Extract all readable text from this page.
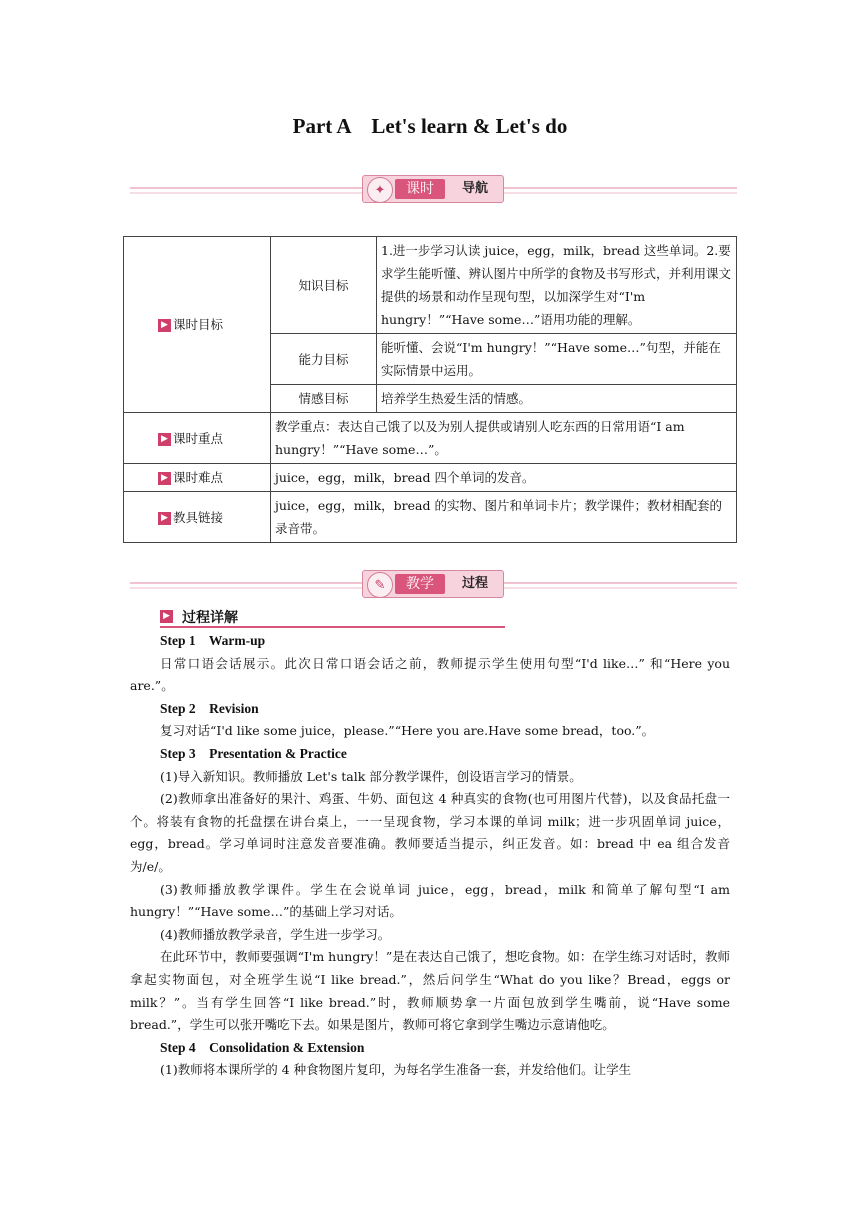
Part A    Let's learn & Let's do
✦	课时	导航
▶ 课时目标	知识目标	1.进一步学习认读 juice，egg，milk，bread 这些单词。2.要求学生能听懂、辨认图片中所学的食物及书写形式，并利用课文提供的场景和动作呈现句型，以加深学生对“I'm hungry！”“Have some…”语用功能的理解。
	能力目标	能听懂、会说“I'm hungry！”“Have some…”句型，并能在实际情景中运用。
	情感目标	培养学生热爱生活的情感。
▶ 课时重点	教学重点：表达自己饿了以及为别人提供或请别人吃东西的日常用语“I am hungry！”“Have some…”。	
▶ 课时难点	juice，egg，milk，bread 四个单词的发音。	
▶ 教具链接	juice，egg，milk，bread 的实物、图片和单词卡片；教学课件；教材相配套的录音带。	
✎	教学	过程
▶ 过程详解

Step 1    Warm-up

日常口语会话展示。此次日常口语会话之前，教师提示学生使用句型“I'd like…” 和“Here you are.”。

Step 2    Revision

复习对话“I'd like some juice，please.”“Here you are.Have some bread，too.”。

Step 3    Presentation & Practice

(1)导入新知识。教师播放 Let's talk 部分教学课件，创设语言学习的情景。

(2)教师拿出准备好的果汁、鸡蛋、牛奶、面包这 4 种真实的食物(也可用图片代替)，以及食品托盘一个。将装有食物的托盘摆在讲台桌上，一一呈现食物，学习本课的单词 milk；进一步巩固单词 juice，egg，bread。学习单词时注意发音要准确。教师要适当提示，纠正发音。如：bread 中 ea 组合发音为/e/。

(3)教师播放教学课件。学生在会说单词 juice，egg，bread，milk 和简单了解句型“I am hungry！”“Have some…”的基础上学习对话。

(4)教师播放教学录音，学生进一步学习。

在此环节中，教师要强调“I'm hungry！”是在表达自己饿了，想吃食物。如：在学生练习对话时，教师拿起实物面包，对全班学生说“I like bread.”，然后问学生“What do you like？Bread，eggs or milk？”。当有学生回答“I like bread.”时，教师顺势拿一片面包放到学生嘴前，说“Have some bread.”，学生可以张开嘴吃下去。如果是图片，教师可将它拿到学生嘴边示意请他吃。

Step 4    Consolidation & Extension

(1)教师将本课所学的 4 种食物图片复印，为每名学生准备一套，并发给他们。让学生
